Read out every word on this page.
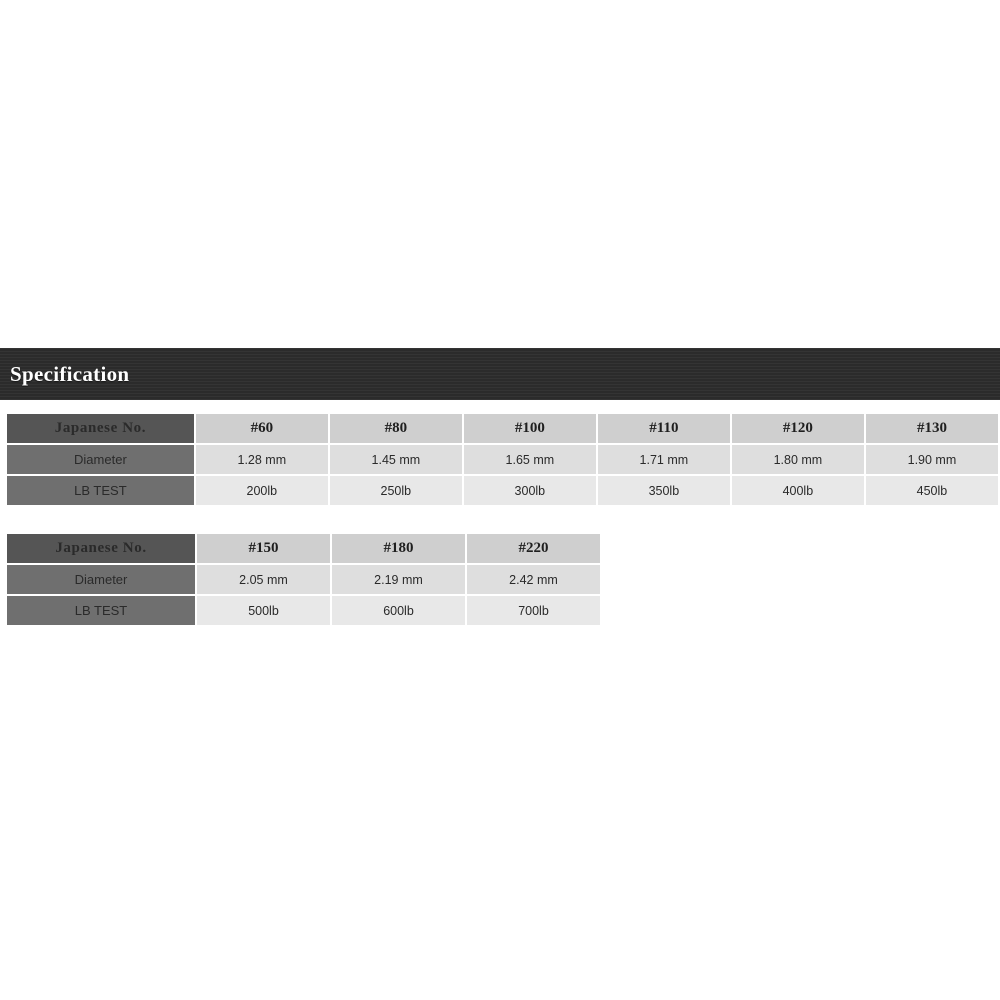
Specification
Japanese No.	#60	#80	#100	#110	#120	#130
Diameter	1.28 mm	1.45 mm	1.65 mm	1.71 mm	1.80 mm	1.90 mm
LB TEST	200lb	250lb	300lb	350lb	400lb	450lb
Japanese No.	#150	#180	#220
Diameter	2.05 mm	2.19 mm	2.42 mm
LB TEST	500lb	600lb	700lb
